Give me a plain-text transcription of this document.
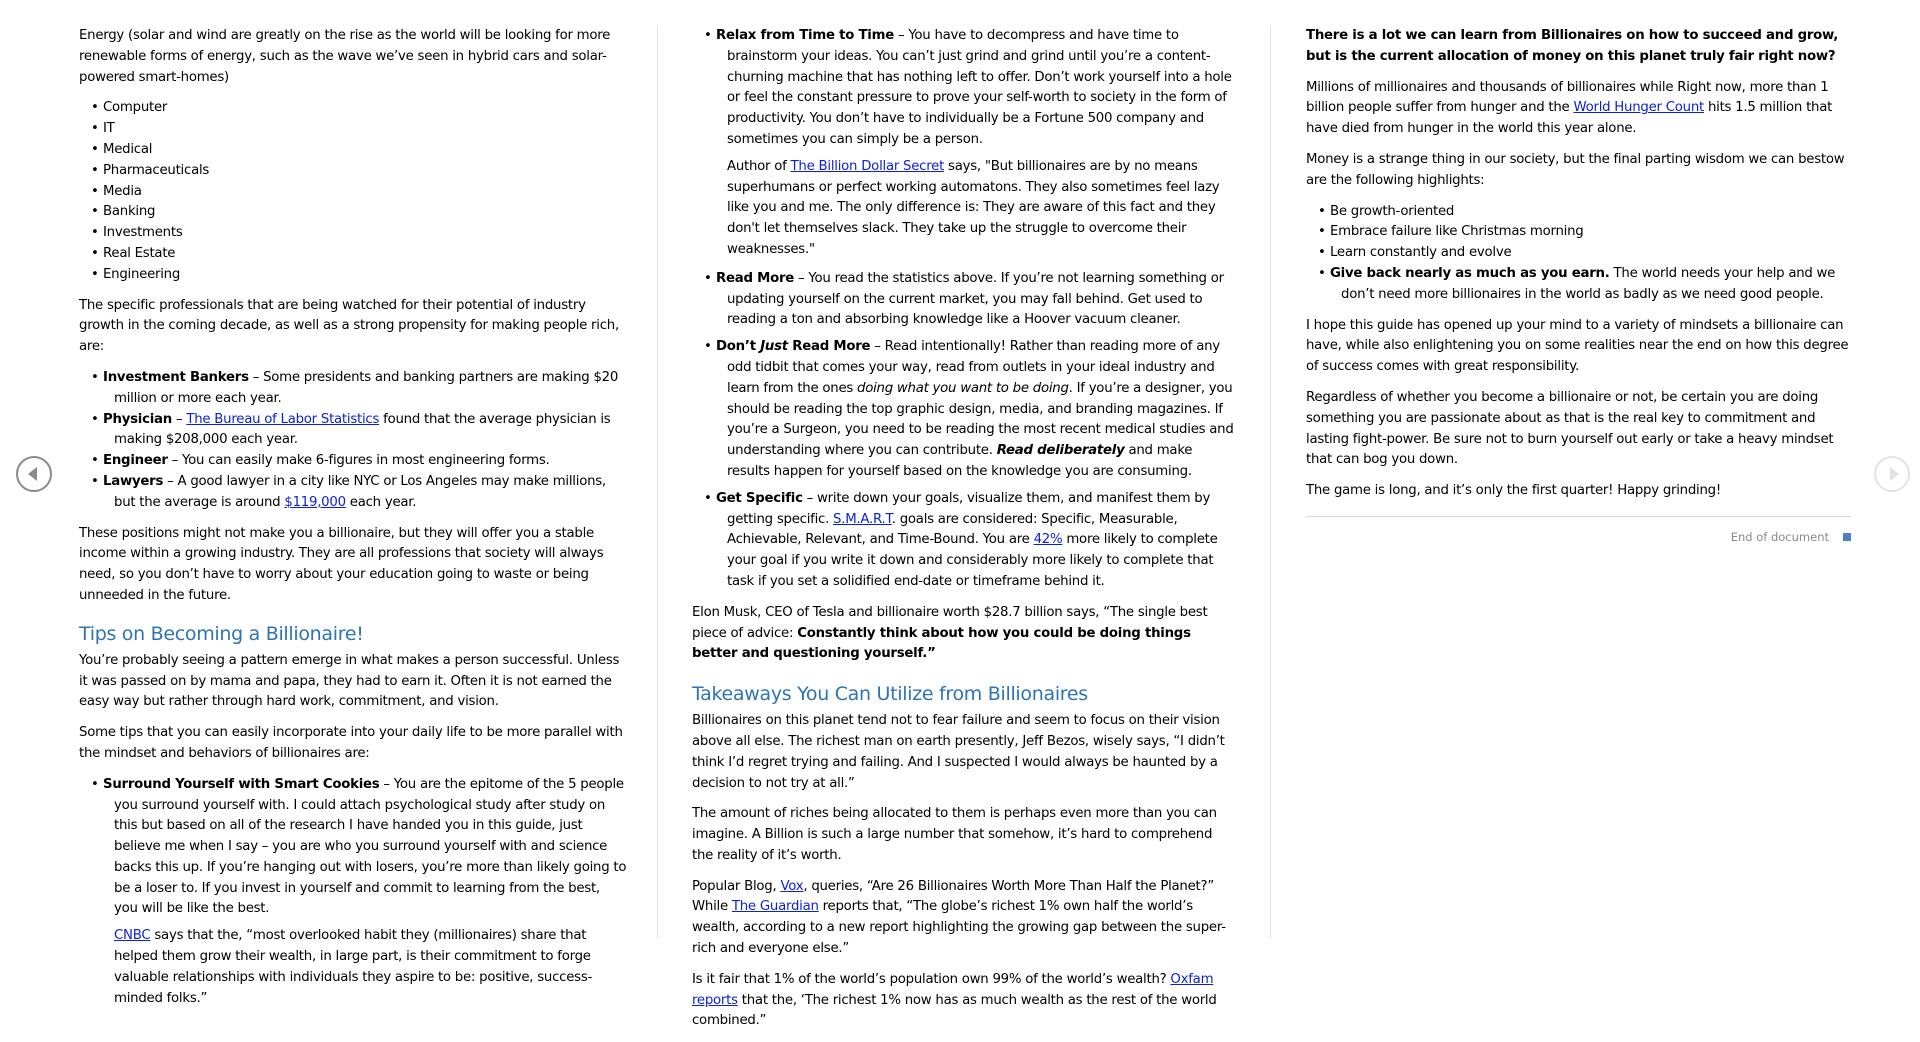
Energy (solar and wind are greatly on the rise as the world will be looking for more renewable forms of energy, such as the wave we’ve seen in hybrid cars and solar-powered smart-homes)

• Computer
• IT
• Medical
• Pharmaceuticals
• Media
• Banking
• Investments
• Real Estate
• Engineering

The specific professionals that are being watched for their potential of industry growth in the coming decade, as well as a strong propensity for making people rich, are:

• Investment Bankers – Some presidents and banking partners are making $20 million or more each year.
• Physician – The Bureau of Labor Statistics found that the average physician is making $208,000 each year.
• Engineer – You can easily make 6-figures in most engineering forms.
• Lawyers – A good lawyer in a city like NYC or Los Angeles may make millions, but the average is around $119,000 each year.

These positions might not make you a billionaire, but they will offer you a stable income within a growing industry. They are all professions that society will always need, so you don’t have to worry about your education going to waste or being unneeded in the future.

Tips on Becoming a Billionaire!

You’re probably seeing a pattern emerge in what makes a person successful. Unless it was passed on by mama and papa, they had to earn it. Often it is not earned the easy way but rather through hard work, commitment, and vision.

Some tips that you can easily incorporate into your daily life to be more parallel with the mindset and behaviors of billionaires are:

• Surround Yourself with Smart Cookies – You are the epitome of the 5 people you surround yourself with. I could attach psychological study after study on this but based on all of the research I have handed you in this guide, just believe me when I say – you are who you surround yourself with and science backs this up. If you’re hanging out with losers, you’re more than likely going to be a loser to. If you invest in yourself and commit to learning from the best, you will be like the best.
CNBC says that the, “most overlooked habit they (millionaires) share that helped them grow their wealth, in large part, is their commitment to forge valuable relationships with individuals they aspire to be: positive, success-minded folks.”
• Relax from Time to Time – You have to decompress and have time to brainstorm your ideas. You can’t just grind and grind until you’re a content-churning machine that has nothing left to offer. Don’t work yourself into a hole or feel the constant pressure to prove your self-worth to society in the form of productivity. You don’t have to individually be a Fortune 500 company and sometimes you can simply be a person.
Author of The Billion Dollar Secret says, "But billionaires are by no means superhumans or perfect working automatons. They also sometimes feel lazy like you and me. The only difference is: They are aware of this fact and they don't let themselves slack. They take up the struggle to overcome their weaknesses."
• Read More – You read the statistics above. If you’re not learning something or updating yourself on the current market, you may fall behind. Get used to reading a ton and absorbing knowledge like a Hoover vacuum cleaner.
• Don’t Just Read More – Read intentionally! Rather than reading more of any odd tidbit that comes your way, read from outlets in your ideal industry and learn from the ones doing what you want to be doing. If you’re a designer, you should be reading the top graphic design, media, and branding magazines. If you’re a Surgeon, you need to be reading the most recent medical studies and understanding where you can contribute. Read deliberately and make results happen for yourself based on the knowledge you are consuming.
• Get Specific – write down your goals, visualize them, and manifest them by getting specific. S.M.A.R.T. goals are considered: Specific, Measurable, Achievable, Relevant, and Time-Bound. You are 42% more likely to complete your goal if you write it down and considerably more likely to complete that task if you set a solidified end-date or timeframe behind it.

Elon Musk, CEO of Tesla and billionaire worth $28.7 billion says, “The single best piece of advice: Constantly think about how you could be doing things better and questioning yourself.”

Takeaways You Can Utilize from Billionaires

Billionaires on this planet tend not to fear failure and seem to focus on their vision above all else. The richest man on earth presently, Jeff Bezos, wisely says, “I didn’t think I’d regret trying and failing. And I suspected I would always be haunted by a decision to not try at all.”

The amount of riches being allocated to them is perhaps even more than you can imagine. A Billion is such a large number that somehow, it’s hard to comprehend the reality of it’s worth.

Popular Blog, Vox, queries, “Are 26 Billionaires Worth More Than Half the Planet?” While The Guardian reports that, “The globe’s richest 1% own half the world’s wealth, according to a new report highlighting the growing gap between the super-rich and everyone else.”

Is it fair that 1% of the world’s population own 99% of the world’s wealth? Oxfam reports that the, ‘The richest 1% now has as much wealth as the rest of the world combined.”

There is a lot we can learn from Billionaires on how to succeed and grow, but is the current allocation of money on this planet truly fair right now?

Millions of millionaires and thousands of billionaires while Right now, more than 1 billion people suffer from hunger and the World Hunger Count hits 1.5 million that have died from hunger in the world this year alone.

Money is a strange thing in our society, but the final parting wisdom we can bestow are the following highlights:

• Be growth-oriented
• Embrace failure like Christmas morning
• Learn constantly and evolve
• Give back nearly as much as you earn. The world needs your help and we don’t need more billionaires in the world as badly as we need good people.

I hope this guide has opened up your mind to a variety of mindsets a billionaire can have, while also enlightening you on some realities near the end on how this degree of success comes with great responsibility.

Regardless of whether you become a billionaire or not, be certain you are doing something you are passionate about as that is the real key to commitment and lasting fight-power. Be sure not to burn yourself out early or take a heavy mindset that can bog you down.

The game is long, and it’s only the first quarter! Happy grinding!

End of document
